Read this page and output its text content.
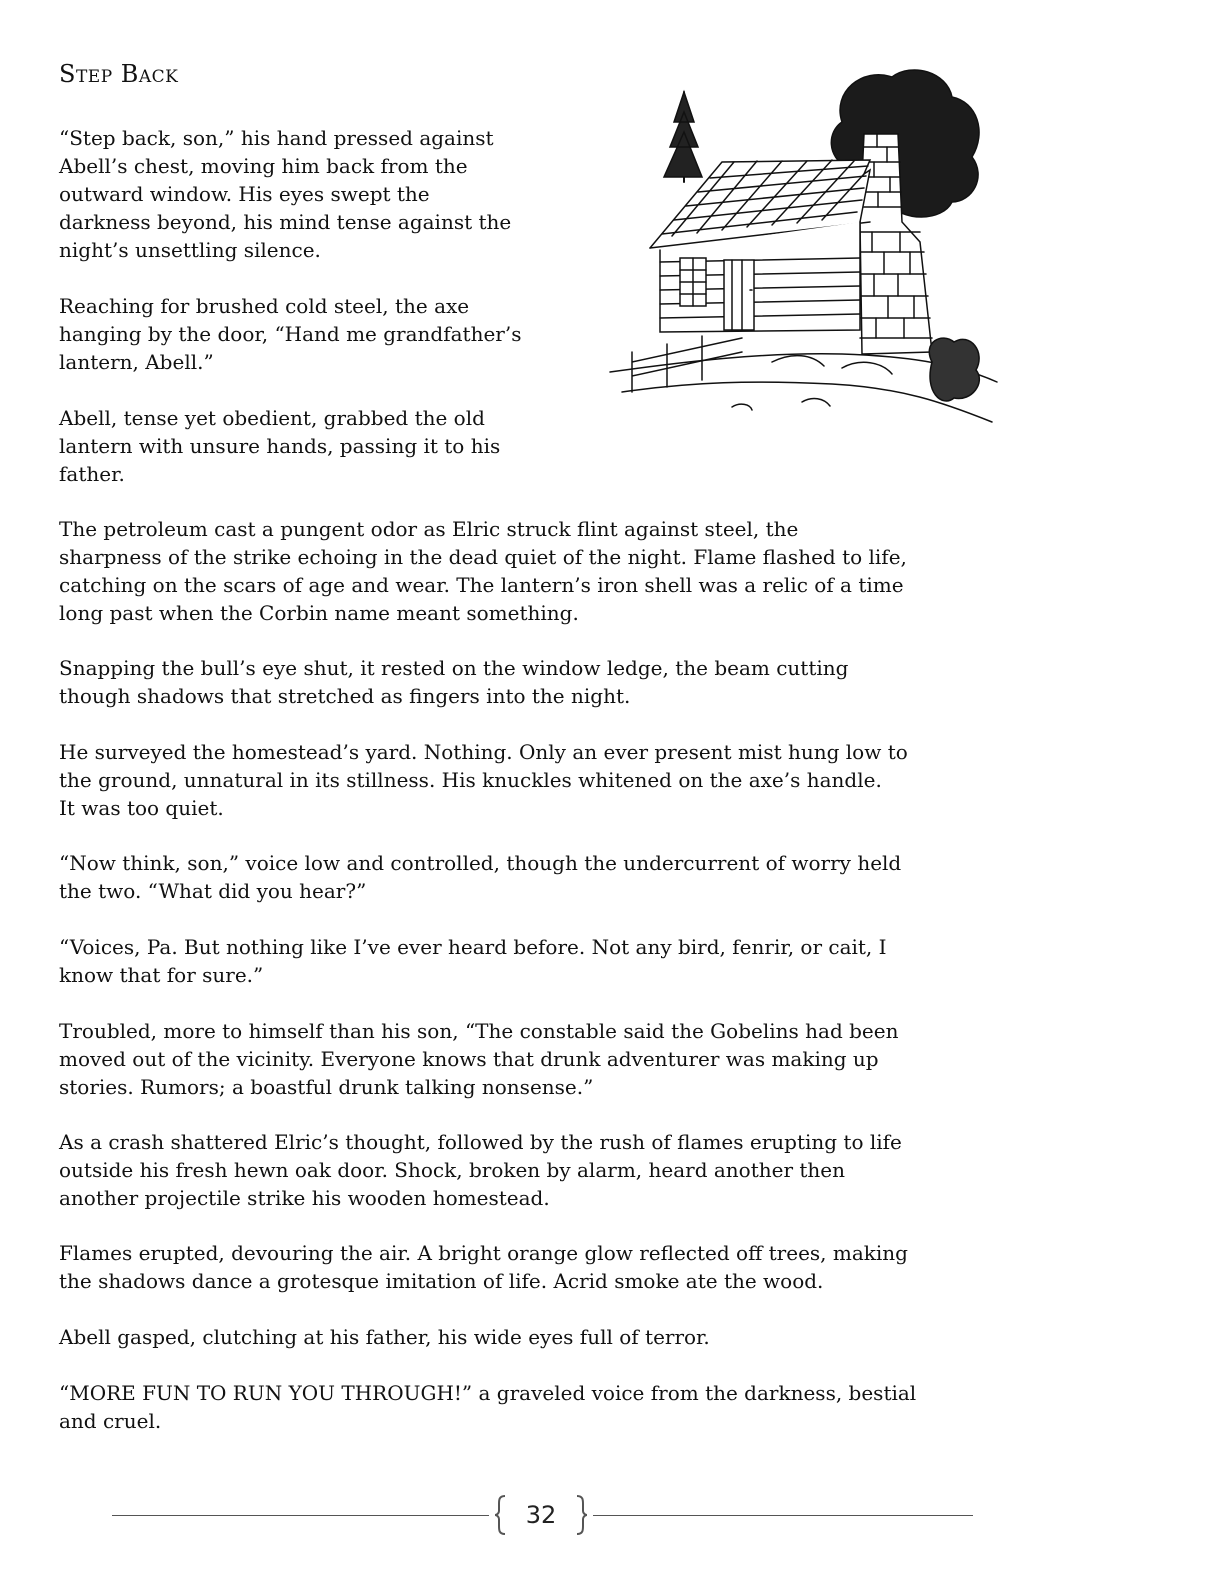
Step Back

“Step back, son,” his hand pressed against
Abell’s chest, moving him back from the
outward window. His eyes swept the
darkness beyond, his mind tense against the
night’s unsettling silence.

Reaching for brushed cold steel, the axe
hanging by the door, “Hand me grandfather’s
lantern, Abell.”

Abell, tense yet obedient, grabbed the old
lantern with unsure hands, passing it to his
father.

The petroleum cast a pungent odor as Elric struck flint against steel, the
sharpness of the strike echoing in the dead quiet of the night. Flame flashed to life,
catching on the scars of age and wear. The lantern’s iron shell was a relic of a time
long past when the Corbin name meant something.

Snapping the bull’s eye shut, it rested on the window ledge, the beam cutting
though shadows that stretched as fingers into the night.

He surveyed the homestead’s yard. Nothing. Only an ever present mist hung low to
the ground, unnatural in its stillness. His knuckles whitened on the axe’s handle.
It was too quiet.

“Now think, son,” voice low and controlled, though the undercurrent of worry held
the two. “What did you hear?”

“Voices, Pa. But nothing like I’ve ever heard before. Not any bird, fenrir, or cait, I
know that for sure.”

Troubled, more to himself than his son, “The constable said the Gobelins had been
moved out of the vicinity. Everyone knows that drunk adventurer was making up
stories. Rumors; a boastful drunk talking nonsense.”

As a crash shattered Elric’s thought, followed by the rush of flames erupting to life
outside his fresh hewn oak door. Shock, broken by alarm, heard another then
another projectile strike his wooden homestead.

Flames erupted, devouring the air. A bright orange glow reflected off trees, making
the shadows dance a grotesque imitation of life. Acrid smoke ate the wood.

Abell gasped, clutching at his father, his wide eyes full of terror.

“MORE FUN TO RUN YOU THROUGH!” a graveled voice from the darkness, bestial
and cruel.

32
